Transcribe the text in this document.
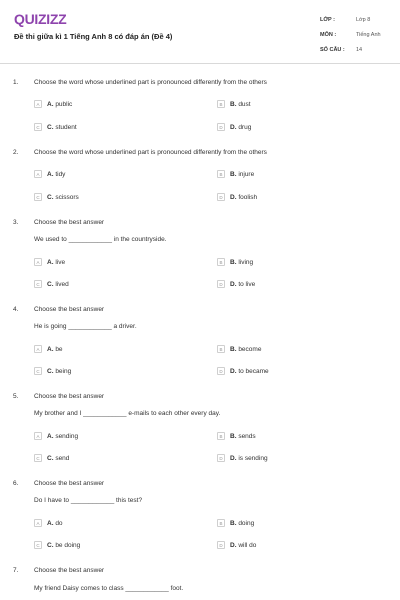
QUIZIZZ
Đề thi giữa kì 1 Tiếng Anh 8 có đáp án (Đề 4)
LỚP :	Lớp 8
MÔN :	Tiếng Anh
SỐ CÂU :	14
1. Choose the word whose underlined part is pronounced differently from the others
A	A. public	B	B. dust
C	C. student	D	D. drug
2. Choose the word whose underlined part is pronounced differently from the others
A	A. tidy	B	B. injure
C	C. scissors	D	D. foolish
3. Choose the best answer
We used to ____________ in the countryside.
A	A. live	B	B. living
C	C. lived	D	D. to live
4. Choose the best answer
He is going ____________ a driver.
A	A. be	B	B. become
C	C. being	D	D. to became
5. Choose the best answer
My brother and I ____________ e-mails to each other every day.
A	A. sending	B	B. sends
C	C. send	D	D. is sending
6. Choose the best answer
Do I have to ____________ this test?
A	A. do	B	B. doing
C	C. be doing	D	D. will do
7. Choose the best answer
My friend Daisy comes to class ____________ foot.
